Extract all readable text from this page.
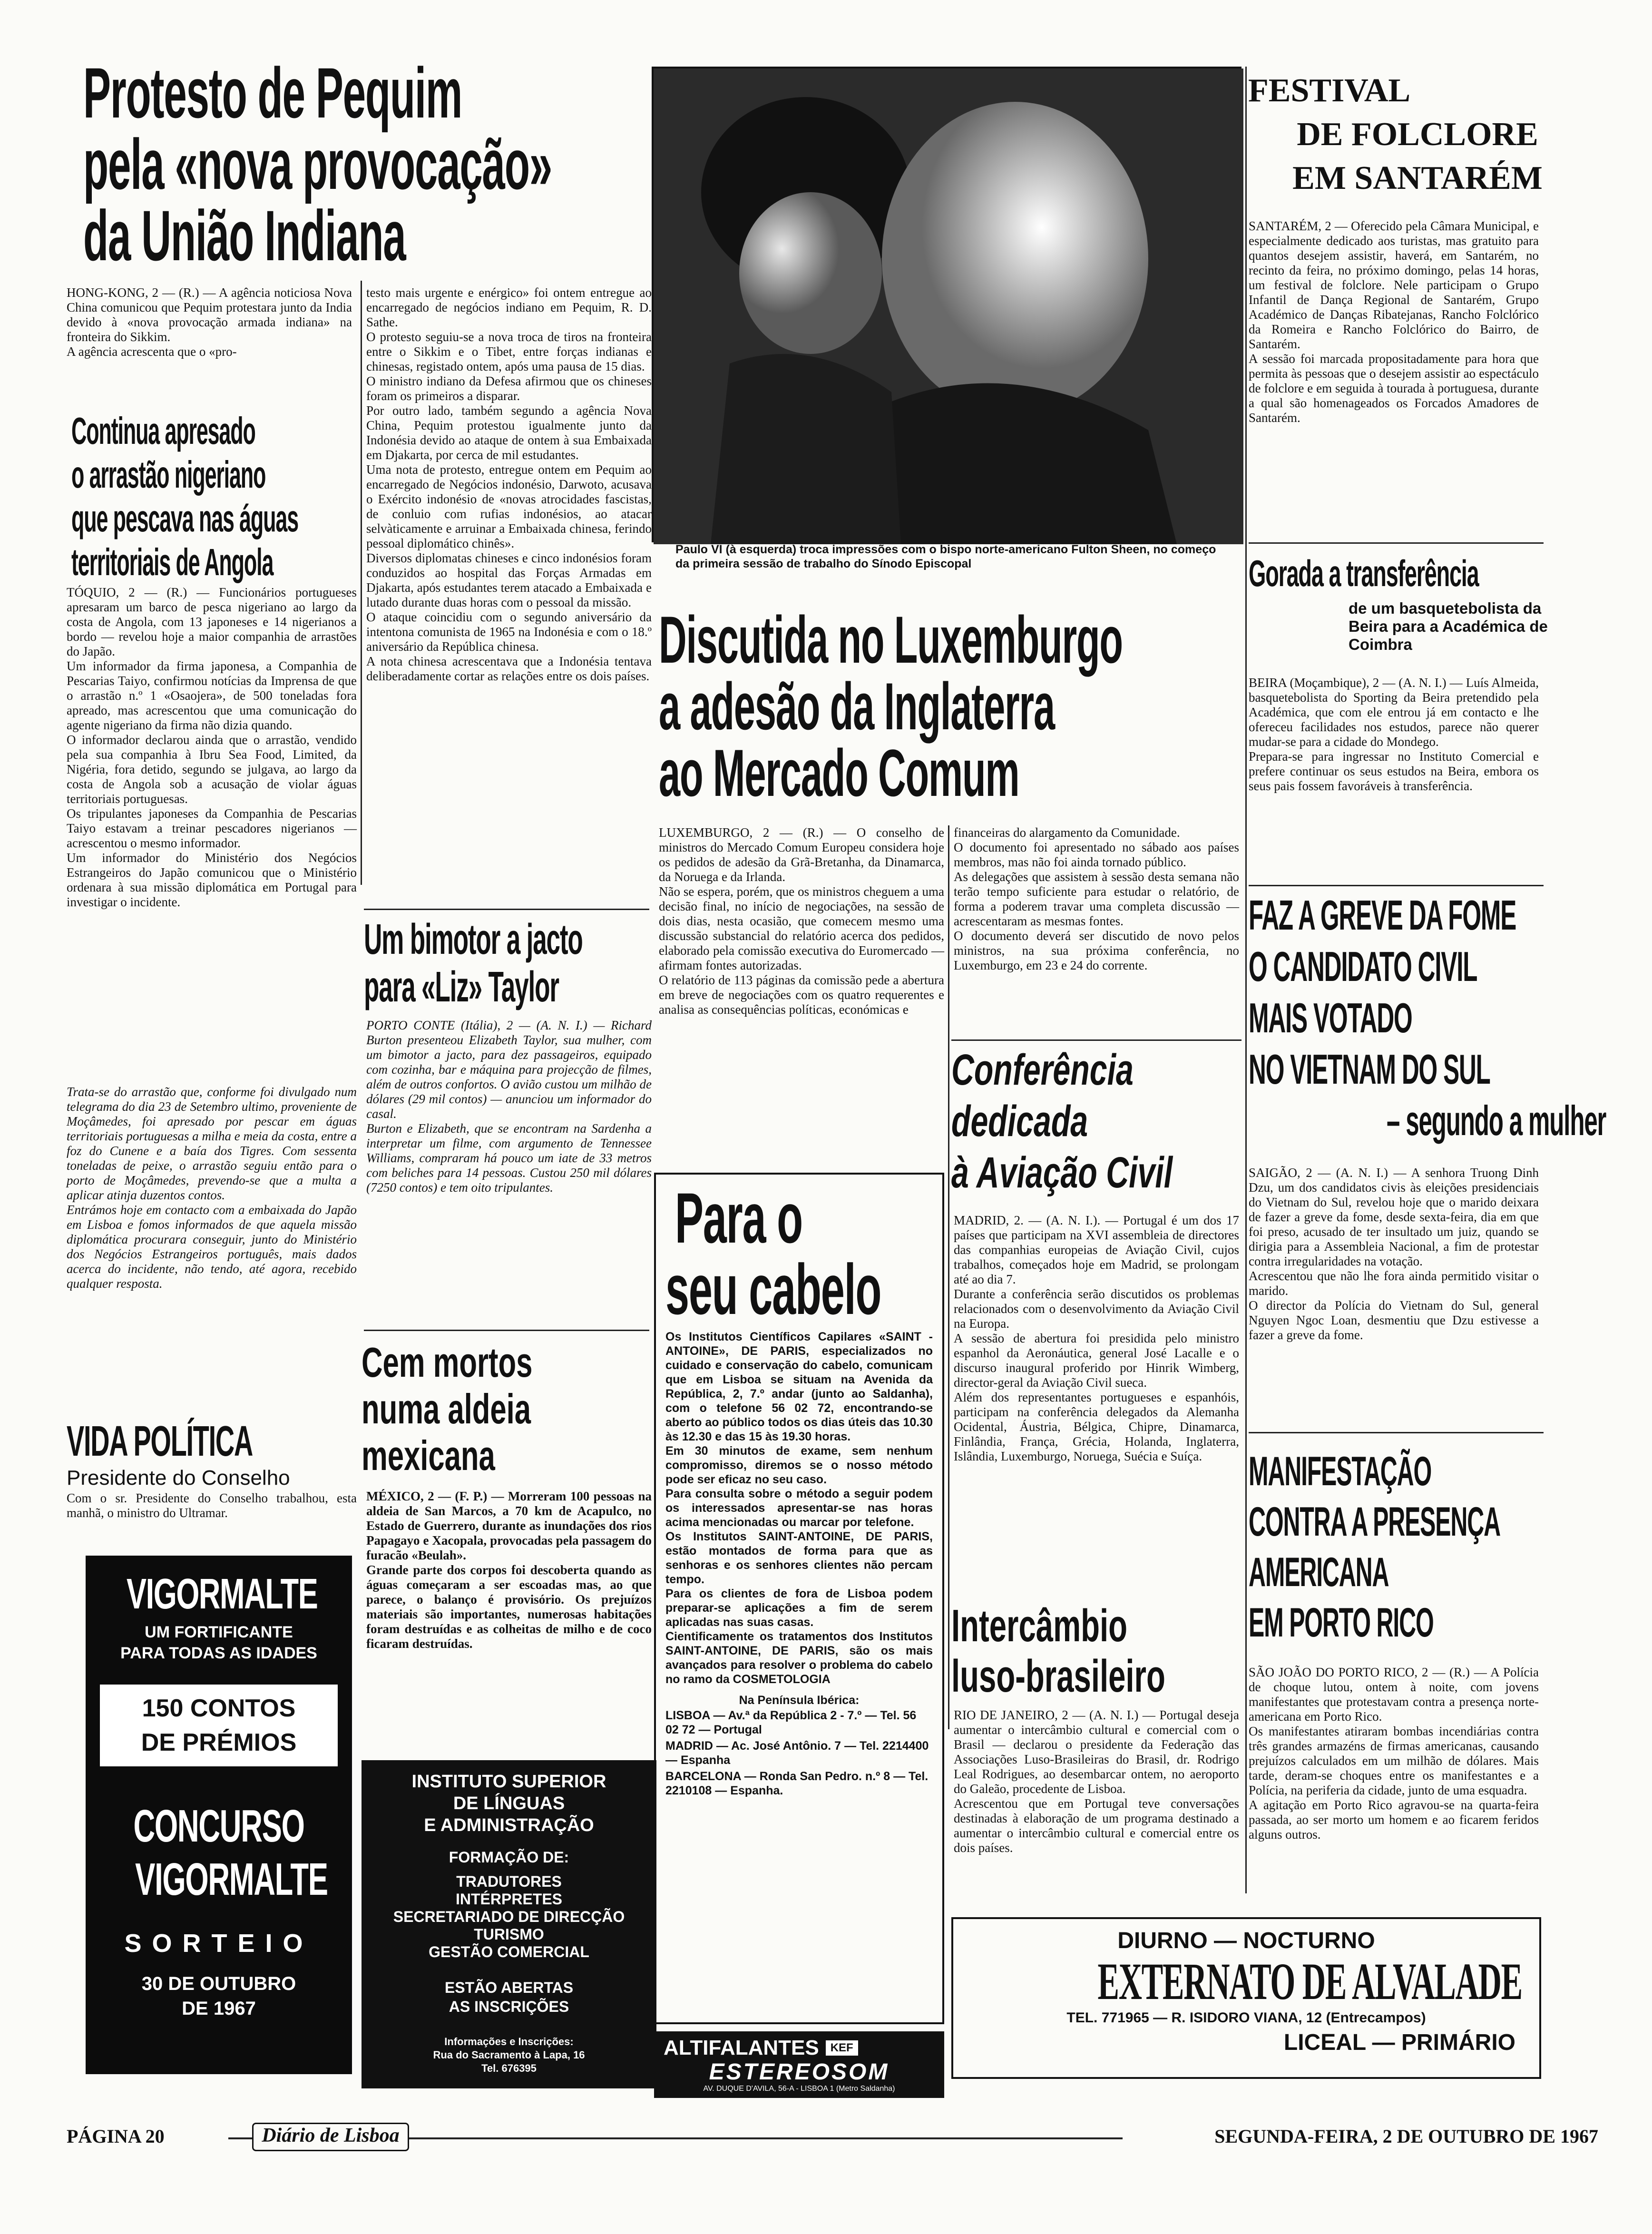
Protesto de Pequim
pela «nova provocação»
da União Indiana
HONG-KONG, 2 — (R.) — A agência noticiosa Nova China comunicou que Pequim protestara junto da India devido à «nova provocação armada indiana» na fronteira do Sikkim.
A agência acrescenta que o «pro-
testo mais urgente e enérgico» foi ontem entregue ao encarregado de negócios indiano em Pequim, R. D. Sathe.
O protesto seguiu-se a nova troca de tiros na fronteira entre o Sikkim e o Tibet, entre forças indianas e chinesas, registado ontem, após uma pausa de 15 dias.
O ministro indiano da Defesa afirmou que os chineses foram os primeiros a disparar.
Por outro lado, também segundo a agência Nova China, Pequim protestou igualmente junto da Indonésia devido ao ataque de ontem à sua Embaixada em Djakarta, por cerca de mil estudantes.
Uma nota de protesto, entregue ontem em Pequim ao encarregado de Negócios indonésio, Darwoto, acusava o Exército indonésio de «novas atrocidades fascistas, de conluio com rufias indonésios, ao atacar selvàticamente e arruinar a Embaixada chinesa, ferindo pessoal diplomático chinês».
Diversos diplomatas chineses e cinco indonésios foram conduzidos ao hospital das Forças Armadas em Djakarta, após estudantes terem atacado a Embaixada e lutado durante duas horas com o pessoal da missão.
O ataque coincidiu com o segundo aniversário da intentona comunista de 1965 na Indonésia e com o 18.º aniversário da República chinesa.
A nota chinesa acrescentava que a Indonésia tentava deliberadamente cortar as relações entre os dois países.
Continua apresado
o arrastão nigeriano
que pescava nas águas
territoriais de Angola
TÓQUIO, 2 — (R.) — Funcionários portugueses apresaram um barco de pesca nigeriano ao largo da costa de Angola, com 13 japoneses e 14 nigerianos a bordo — revelou hoje a maior companhia de arrastões do Japão.
Um informador da firma japonesa, a Companhia de Pescarias Taiyo, confirmou notícias da Imprensa de que o arrastão n.º 1 «Osaojera», de 500 toneladas fora apreado, mas acrescentou que uma comunicação do agente nigeriano da firma não dizia quando.
O informador declarou ainda que o arrastão, vendido pela sua companhia à Ibru Sea Food, Limited, da Nigéria, fora detido, segundo se julgava, ao largo da costa de Angola sob a acusação de violar águas territoriais portuguesas.
Os tripulantes japoneses da Companhia de Pescarias Taiyo estavam a treinar pescadores nigerianos — acrescentou o mesmo informador.
Um informador do Ministério dos Negócios Estrangeiros do Japão comunicou que o Ministério ordenara à sua missão diplomática em Portugal para investigar o incidente.
Trata-se do arrastão que, conforme foi divulgado num telegrama do dia 23 de Setembro ultimo, proveniente de Moçâmedes, foi apresado por pescar em águas territoriais portuguesas a milha e meia da costa, entre a foz do Cunene e a baía dos Tigres. Com sessenta toneladas de peixe, o arrastão seguiu então para o porto de Moçâmedes, prevendo-se que a multa a aplicar atinja duzentos contos.
Entrámos hoje em contacto com a embaixada do Japão em Lisboa e fomos informados de que aquela missão diplomática procurara conseguir, junto do Ministério dos Negócios Estrangeiros português, mais dados acerca do incidente, não tendo, até agora, recebido qualquer resposta.
VIDA POLÍTICA
Presidente do Conselho
Com o sr. Presidente do Conselho trabalhou, esta manhã, o ministro do Ultramar.
VIGORMALTE
UM FORTIFICANTE
PARA TODAS AS IDADES
150 CONTOS
DE PRÉMIOS
CONCURSO
VIGORMALTE
SORTEIO
30 DE OUTUBRO
DE 1967
Um bimotor a jacto
para «Liz» Taylor
PORTO CONTE (Itália), 2 — (A. N. I.) — Richard Burton presenteou Elizabeth Taylor, sua mulher, com um bimotor a jacto, para dez passageiros, equipado com cozinha, bar e máquina para projecção de filmes, além de outros confortos. O avião custou um milhão de dólares (29 mil contos) — anunciou um informador do casal.
Burton e Elizabeth, que se encontram na Sardenha a interpretar um filme, com argumento de Tennessee Williams, compraram há pouco um iate de 33 metros com beliches para 14 pessoas. Custou 250 mil dólares (7250 contos) e tem oito tripulantes.
Cem mortos
numa aldeia
mexicana
MÉXICO, 2 — (F. P.) — Morreram 100 pessoas na aldeia de San Marcos, a 70 km de Acapulco, no Estado de Guerrero, durante as inundações dos rios Papagayo e Xacopala, provocadas pela passagem do furacão «Beulah».
Grande parte dos corpos foi descoberta quando as águas começaram a ser escoadas mas, ao que parece, o balanço é provisório. Os prejuízos materiais são importantes, numerosas habitações foram destruídas e as colheitas de milho e de coco ficaram destruídas.
INSTITUTO SUPERIOR
DE LÍNGUAS
E ADMINISTRAÇÃO
FORMAÇÃO DE:
TRADUTORES
INTÉRPRETES
SECRETARIADO DE DIRECÇÃO
TURISMO
GESTÃO COMERCIAL
ESTÃO ABERTAS
AS INSCRIÇÕES
Informações e Inscrições:
Rua do Sacramento à Lapa, 16
Tel. 676395
Paulo VI (à esquerda) troca impressões com o bispo norte-americano Fulton Sheen, no começo da primeira sessão de trabalho do Sínodo Episcopal
Discutida no Luxemburgo
a adesão da Inglaterra
ao Mercado Comum
LUXEMBURGO, 2 — (R.) — O conselho de ministros do Mercado Comum Europeu considera hoje os pedidos de adesão da Grã-Bretanha, da Dinamarca, da Noruega e da Irlanda.
Não se espera, porém, que os ministros cheguem a uma decisão final, no início de negociações, na sessão de dois dias, nesta ocasião, que comecem mesmo uma discussão substancial do relatório acerca dos pedidos, elaborado pela comissão executiva do Euromercado — afirmam fontes autorizadas.
O relatório de 113 páginas da comissão pede a abertura em breve de negociações com os quatro requerentes e analisa as consequências políticas, económicas e
financeiras do alargamento da Comunidade.
O documento foi apresentado no sábado aos países membros, mas não foi ainda tornado público.
As delegações que assistem à sessão desta semana não terão tempo suficiente para estudar o relatório, de forma a poderem travar uma completa discussão — acrescentaram as mesmas fontes.
O documento deverá ser discutido de novo pelos ministros, na sua próxima conferência, no Luxemburgo, em 23 e 24 do corrente.
Para o
seu cabelo
Os Institutos Científicos Capilares «SAINT - ANTOINE», DE PARIS, especializados no cuidado e conservação do cabelo, comunicam que em Lisboa se situam na Avenida da República, 2, 7.º andar (junto ao Saldanha), com o telefone 56 02 72, encontrando-se aberto ao público todos os dias úteis das 10.30 às 12.30 e das 15 às 19.30 horas.
Em 30 minutos de exame, sem nenhum compromisso, diremos se o nosso método pode ser eficaz no seu caso.
Para consulta sobre o método a seguir podem os interessados apresentar-se nas horas acima mencionadas ou marcar por telefone.
Os Institutos SAINT-ANTOINE, DE PARIS, estão montados de forma para que as senhoras e os senhores clientes não percam tempo.
Para os clientes de fora de Lisboa podem preparar-se aplicações a fim de serem aplicadas nas suas casas.
Cientificamente os tratamentos dos Institutos SAINT-ANTOINE, DE PARIS, são os mais avançados para resolver o problema do cabelo no ramo da COSMETOLOGIA
Na Península Ibérica:
LISBOA — Av.ª da República 2 - 7.º — Tel. 56 02 72 — Portugal
MADRID — Ac. José Antônio. 7 — Tel. 2214400 — Espanha
BARCELONA — Ronda San Pedro. n.º 8 — Tel. 2210108 — Espanha.
ALTIFALANTES	KEF
ESTEREOSOM
AV. DUQUE D'AVILA, 56-A - LISBOA 1 (Metro Saldanha)
Conferência
dedicada
à Aviação Civil
MADRID, 2. — (A. N. I.). — Portugal é um dos 17 países que participam na XVI assembleia de directores das companhias europeias de Aviação Civil, cujos trabalhos, começados hoje em Madrid, se prolongam até ao dia 7.
Durante a conferência serão discutidos os problemas relacionados com o desenvolvimento da Aviação Civil na Europa.
A sessão de abertura foi presidida pelo ministro espanhol da Aeronáutica, general José Lacalle e o discurso inaugural proferido por Hinrik Wimberg, director-geral da Aviação Civil sueca.
Além dos representantes portugueses e espanhóis, participam na conferência delegados da Alemanha Ocidental, Áustria, Bélgica, Chipre, Dinamarca, Finlândia, França, Grécia, Holanda, Inglaterra, Islândia, Luxemburgo, Noruega, Suécia e Suíça.
Intercâmbio
luso-brasileiro
RIO DE JANEIRO, 2 — (A. N. I.) — Portugal deseja aumentar o intercâmbio cultural e comercial com o Brasil — declarou o presidente da Federação das Associações Luso-Brasileiras do Brasil, dr. Rodrigo Leal Rodrigues, ao desembarcar ontem, no aeroporto do Galeão, procedente de Lisboa.
Acrescentou que em Portugal teve conversações destinadas à elaboração de um programa destinado a aumentar o intercâmbio cultural e comercial entre os dois países.
FESTIVAL
DE FOLCLORE
EM SANTARÉM
SANTARÉM, 2 — Oferecido pela Câmara Municipal, e especialmente dedicado aos turistas, mas gratuito para quantos desejem assistir, haverá, em Santarém, no recinto da feira, no próximo domingo, pelas 14 horas, um festival de folclore. Nele participam o Grupo Infantil de Dança Regional de Santarém, Grupo Académico de Danças Ribatejanas, Rancho Folclórico da Romeira e Rancho Folclórico do Bairro, de Santarém.
A sessão foi marcada propositadamente para hora que permita às pessoas que o desejem assistir ao espectáculo de folclore e em seguida à tourada à portuguesa, durante a qual são homenageados os Forcados Amadores de Santarém.
Gorada a transferência
de um basquetebolista da Beira para a Académica de Coimbra
BEIRA (Moçambique), 2 — (A. N. I.) — Luís Almeida, basquetebolista do Sporting da Beira pretendido pela Académica, que com ele entrou já em contacto e lhe ofereceu facilidades nos estudos, parece não querer mudar-se para a cidade do Mondego.
Preparа-se para ingressar no Instituto Comercial e prefere continuar os seus estudos na Beira, embora os seus pais fossem favoráveis à transferência.
FAZ A GREVE DA FOME
O CANDIDATO CIVIL
MAIS VOTADO
NO VIETNAM DO SUL
– segundo a mulher
SAIGÃO, 2 — (A. N. I.) — A senhora Truong Dinh Dzu, um dos candidatos civis às eleições presidenciais do Vietnam do Sul, revelou hoje que o marido deixara de fazer a greve da fome, desde sexta-feira, dia em que foi preso, acusado de ter insultado um juiz, quando se dirigia para a Assembleia Nacional, a fim de protestar contra irregularidades na votação.
Acrescentou que não lhe fora ainda permitido visitar o marido.
O director da Polícia do Vietnam do Sul, general Nguyen Ngoc Loan, desmentiu que Dzu estivesse a fazer a greve da fome.
MANIFESTAÇÃO
CONTRA A PRESENÇA
AMERICANA
EM PORTO RICO
SÃO JOÃO DO PORTO RICO, 2 — (R.) — A Polícia de choque lutou, ontem à noite, com jovens manifestantes que protestavam contra a presença norte-americana em Porto Rico.
Os manifestantes atiraram bombas incendiárias contra três grandes armazéns de firmas americanas, causando prejuízos calculados em um milhão de dólares. Mais tarde, deram-se choques entre os manifestantes e a Polícia, na periferia da cidade, junto de uma esquadra.
A agitação em Porto Rico agravou-se na quarta-feira passada, ao ser morto um homem e ao ficarem feridos alguns outros.
DIURNO — NOCTURNO
EXTERNATO DE ALVALADE
TEL. 771965 — R. ISIDORO VIANA, 12 (Entrecampos)
LICEAL — PRIMÁRIO
PÁGINA 20	Diário de Lisboa	SEGUNDA-FEIRA, 2 DE OUTUBRO DE 1967
